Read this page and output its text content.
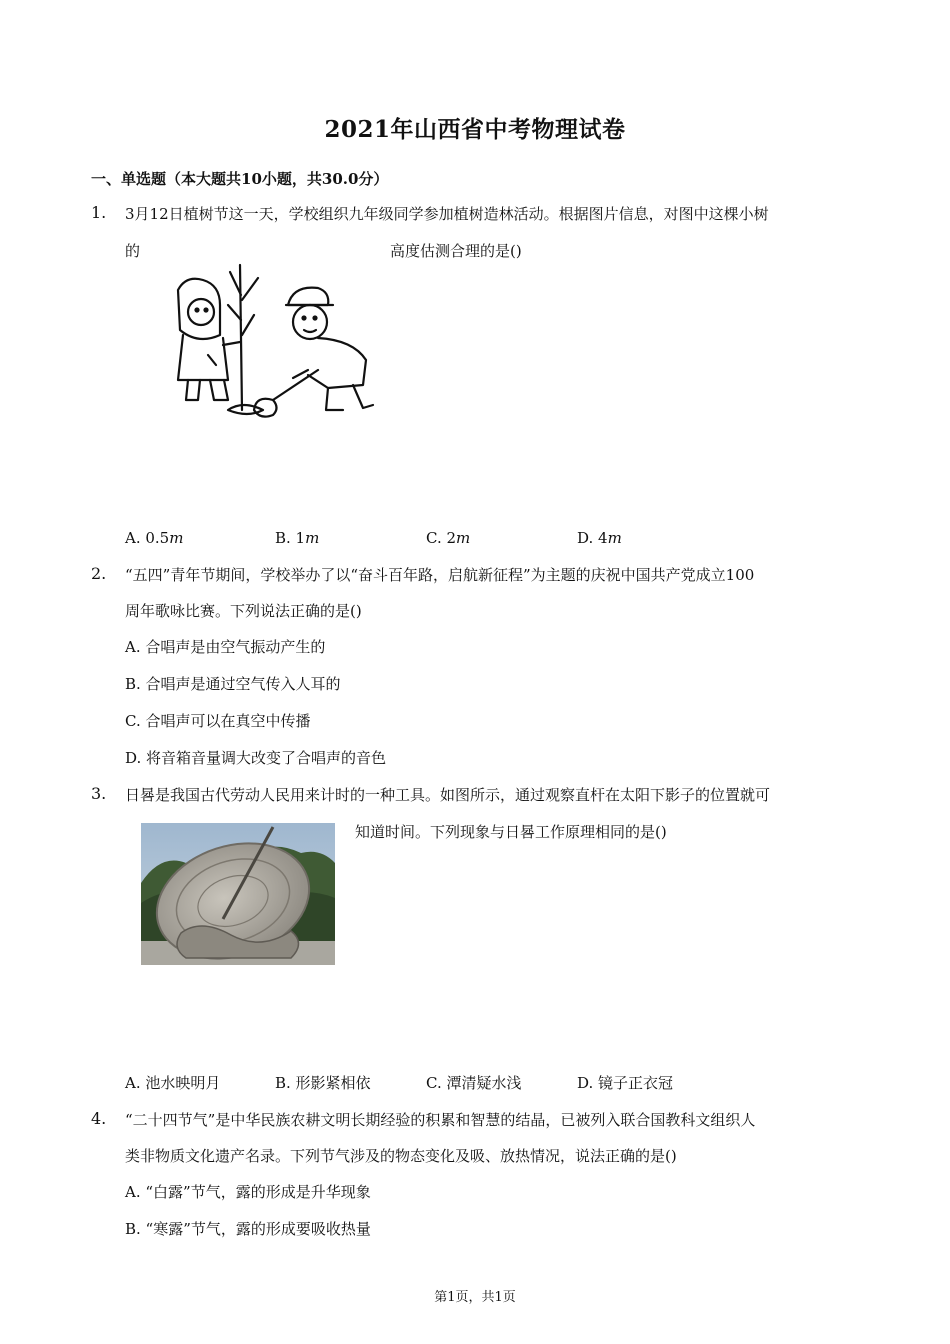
2021年山西省中考物理试卷
一、单选题（本大题共10小题，共30.0分）
1. 3月12日植树节这一天，学校组织九年级同学参加植树造林活动。根据图片信息，对图中这棵小树
的	高度估测合理的是()
A. 0.5𝑚	B. 1𝑚	C. 2𝑚	D. 4𝑚
2. “五四”青年节期间，学校举办了以“奋斗百年路，启航新征程”为主题的庆祝中国共产党成立100
周年歌咏比赛。下列说法正确的是()
A. 合唱声是由空气振动产生的
B. 合唱声是通过空气传入人耳的
C. 合唱声可以在真空中传播
D. 将音箱音量调大改变了合唱声的音色
3. 日晷是我国古代劳动人民用来计时的一种工具。如图所示，通过观察直杆在太阳下影子的位置就可
知道时间。下列现象与日晷工作原理相同的是()
A. 池水映明月	B. 形影紧相依	C. 潭清疑水浅	D. 镜子正衣冠
4. “二十四节气”是中华民族农耕文明长期经验的积累和智慧的结晶，已被列入联合国教科文组织人
类非物质文化遗产名录。下列节气涉及的物态变化及吸、放热情况，说法正确的是()
A. “白露”节气，露的形成是升华现象
B. “寒露”节气，露的形成要吸收热量
第1页，共1页
